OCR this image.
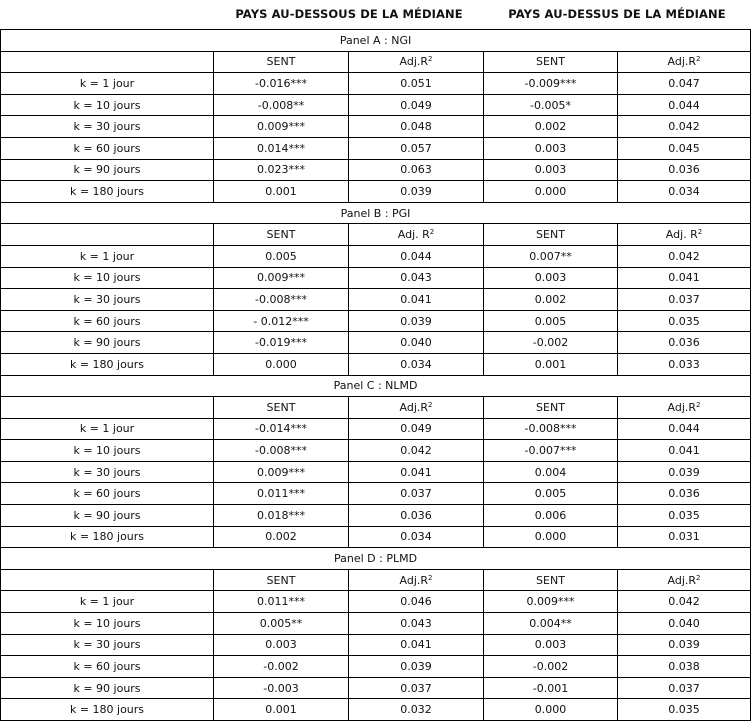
PAYS AU-DESSOUS DE LA MÉDIANE	PAYS AU-DESSUS DE LA MÉDIANE
Panel A : NGI				
	SENT	$Adj.R^2$	SENT	$Adj.R^2$
k = 1 jour	-0.016***	0.051	-0.009***	0.047
k = 10 jours	-0.008**	0.049	-0.005*	0.044
k = 30 jours	0.009***	0.048	0.002	0.042
k = 60 jours	0.014***	0.057	0.003	0.045
k = 90 jours	0.023***	0.063	0.003	0.036
k = 180 jours	0.001	0.039	0.000	0.034
Panel B : PGI				
	SENT	Adj. $R^2$	SENT	Adj. $R^2$
k = 1 jour	0.005	0.044	0.007**	0.042
k = 10 jours	0.009***	0.043	0.003	0.041
k = 30 jours	-0.008***	0.041	0.002	0.037
k = 60 jours	- 0.012***	0.039	0.005	0.035
k = 90 jours	-0.019***	0.040	-0.002	0.036
k = 180 jours	0.000	0.034	0.001	0.033
Panel C : NLMD				
	SENT	$Adj.R^2$	SENT	$Adj.R^2$
k = 1 jour	-0.014***	0.049	-0.008***	0.044
k = 10 jours	-0.008***	0.042	-0.007***	0.041
k = 30 jours	0.009***	0.041	0.004	0.039
k = 60 jours	0.011***	0.037	0.005	0.036
k = 90 jours	0.018***	0.036	0.006	0.035
k = 180 jours	0.002	0.034	0.000	0.031
Panel D : PLMD				
	SENT	$Adj.R^2$	SENT	$Adj.R^2$
k = 1 jour	0.011***	0.046	0.009***	0.042
k = 10 jours	0.005**	0.043	0.004**	0.040
k = 30 jours	0.003	0.041	0.003	0.039
k = 60 jours	-0.002	0.039	-0.002	0.038
k = 90 jours	-0.003	0.037	-0.001	0.037
k = 180 jours	0.001	0.032	0.000	0.035
